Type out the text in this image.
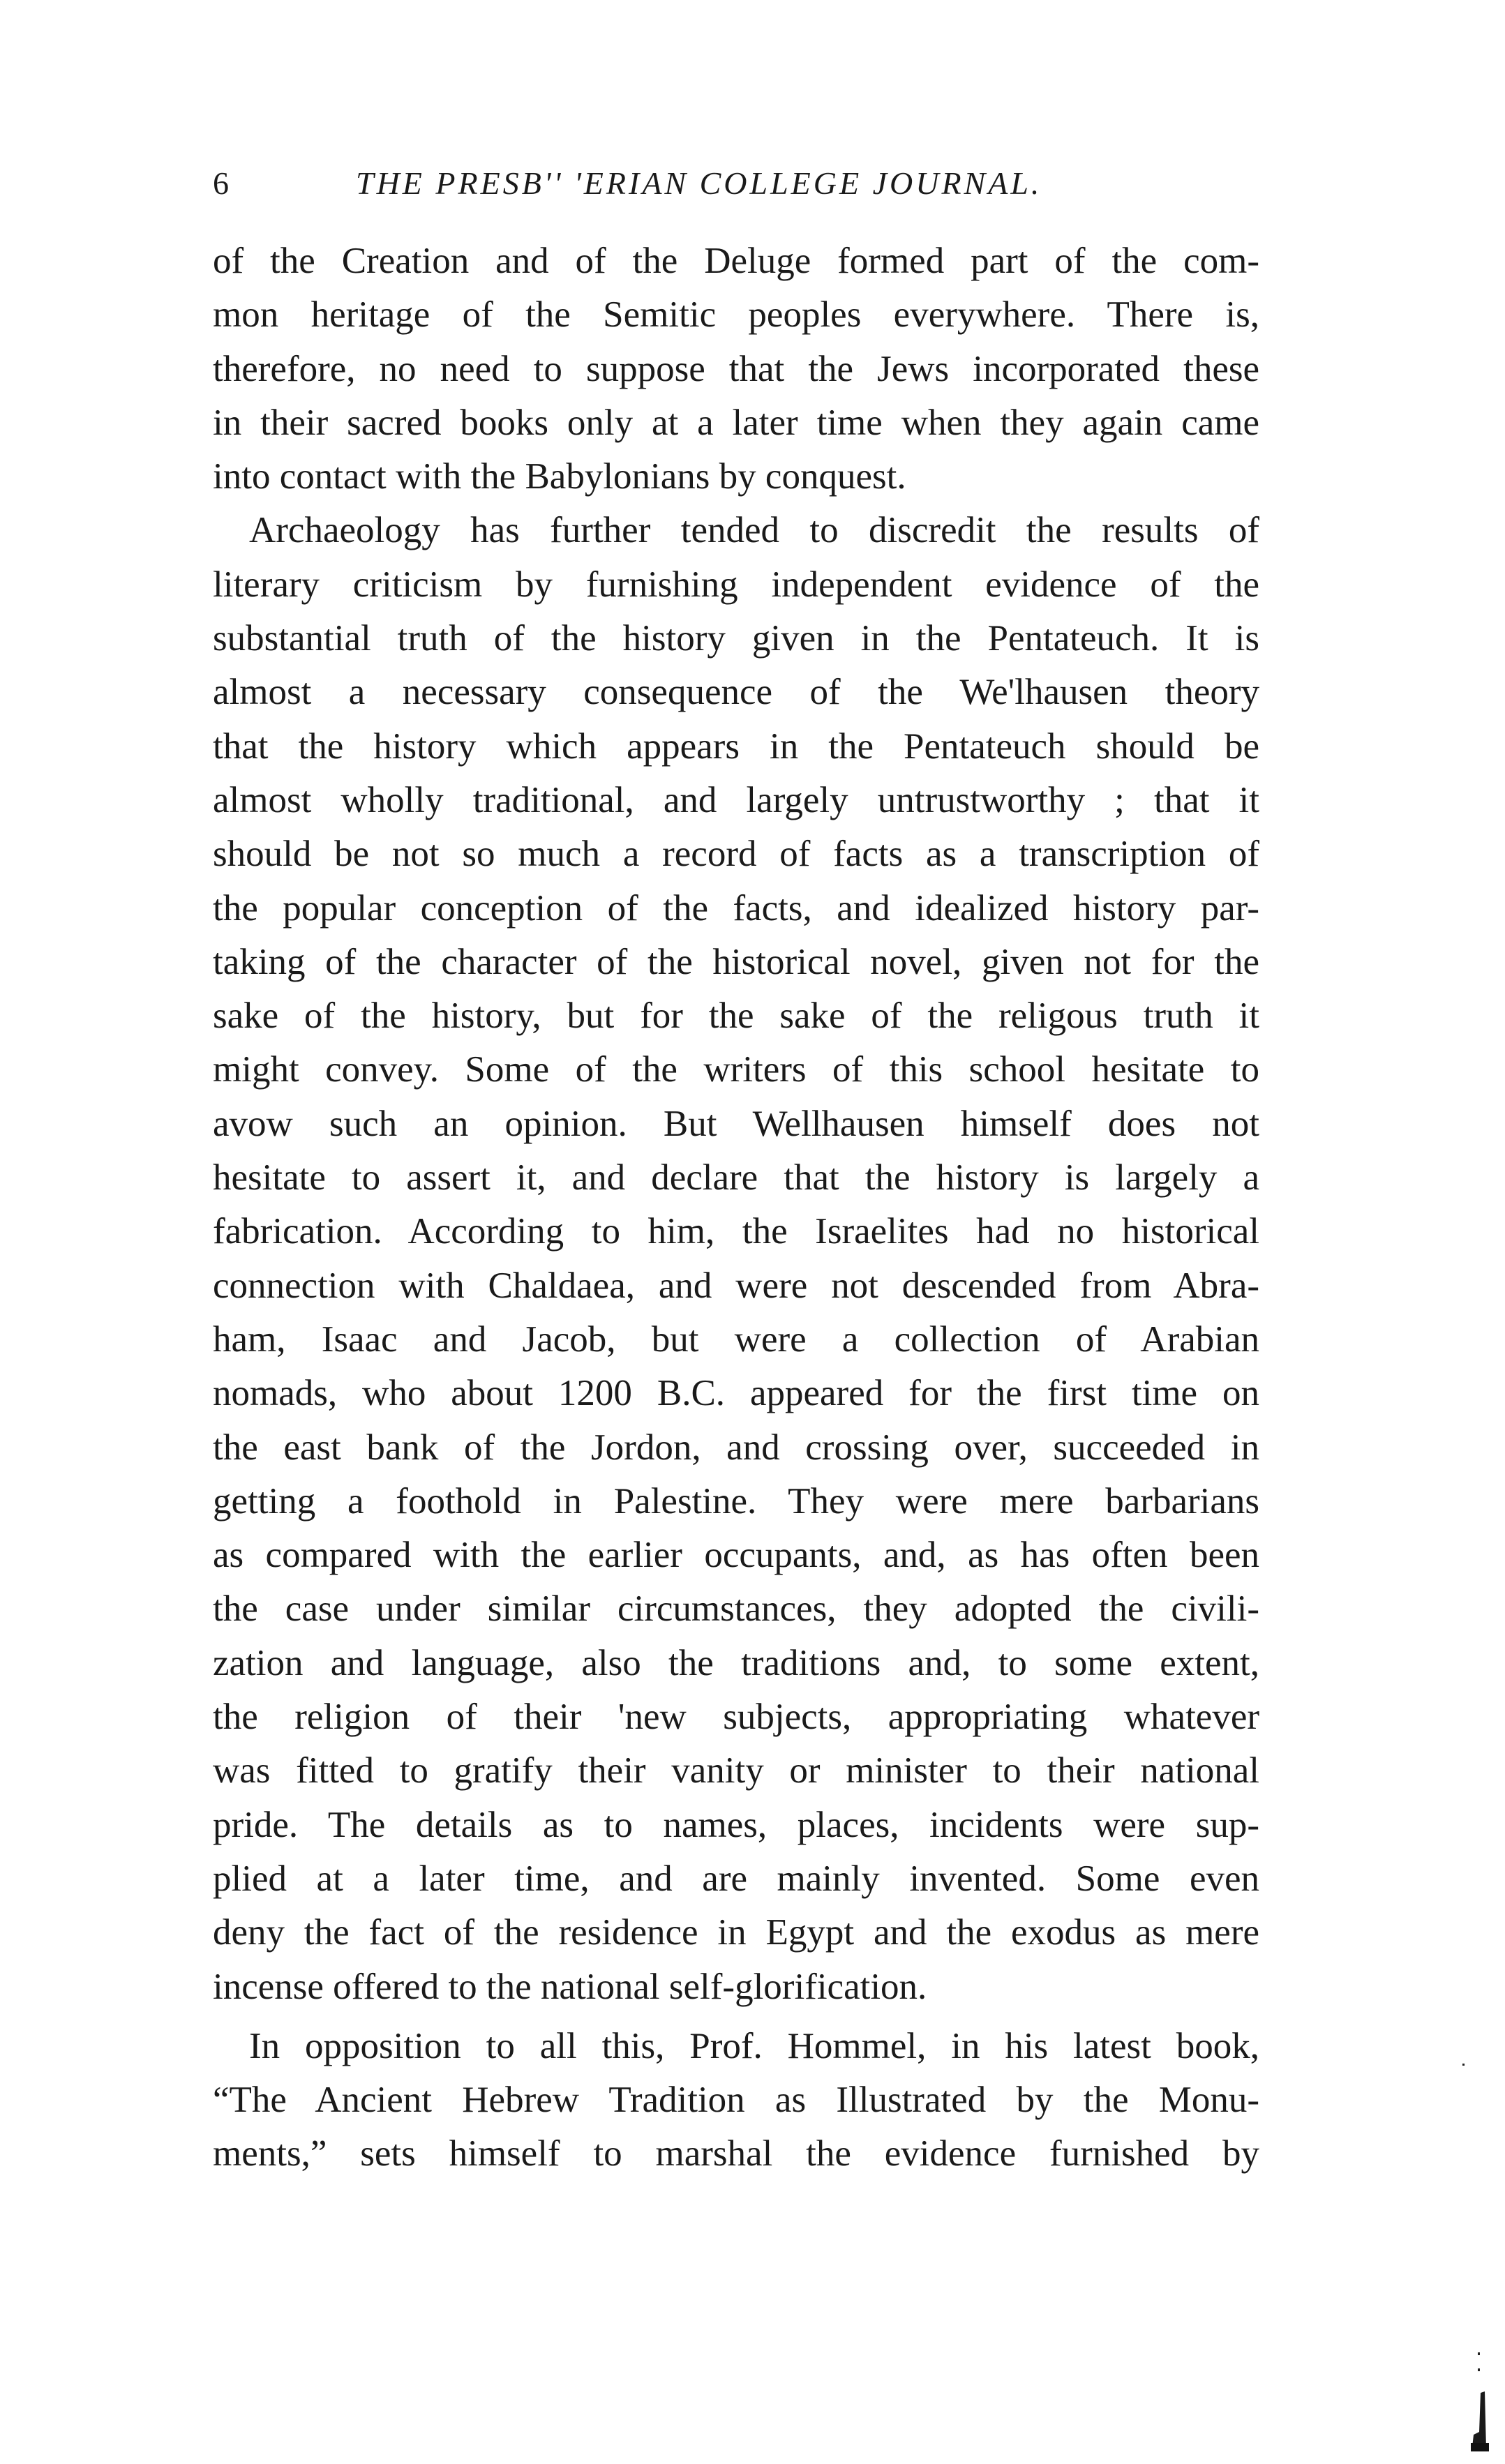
6	THE PRESB'' 'ERIAN COLLEGE JOURNAL.
of the Creation and of the Deluge formed part of the com-
mon heritage of the Semitic peoples everywhere. There is,
therefore, no need to suppose that the Jews incorporated these
in their sacred books only at a later time when they again came
into contact with the Babylonians by conquest.
Archaeology has further tended to discredit the results of
literary criticism by furnishing independent evidence of the
substantial truth of the history given in the Pentateuch. It is
almost a necessary consequence of the We'lhausen theory
that the history which appears in the Pentateuch should be
almost wholly traditional, and largely untrustworthy ; that it
should be not so much a record of facts as a transcription of
the popular conception of the facts, and idealized history par-
taking of the character of the historical novel, given not for the
sake of the history, but for the sake of the religous truth it
might convey. Some of the writers of this school hesitate to
avow such an opinion. But Wellhausen himself does not
hesitate to assert it, and declare that the history is largely a
fabrication. According to him, the Israelites had no historical
connection with Chaldaea, and were not descended from Abra-
ham, Isaac and Jacob, but were a collection of Arabian
nomads, who about 1200 B.C. appeared for the first time on
the east bank of the Jordon, and crossing over, succeeded in
getting a foothold in Palestine. They were mere barbarians
as compared with the earlier occupants, and, as has often been
the case under similar circumstances, they adopted the civili-
zation and language, also the traditions and, to some extent,
the religion of their 'new subjects, appropriating whatever
was fitted to gratify their vanity or minister to their national
pride. The details as to names, places, incidents were sup-
plied at a later time, and are mainly invented. Some even
deny the fact of the residence in Egypt and the exodus as mere
incense offered to the national self-glorification.
In opposition to all this, Prof. Hommel, in his latest book,
“The Ancient Hebrew Tradition as Illustrated by the Monu-
ments,” sets himself to marshal the evidence furnished by
